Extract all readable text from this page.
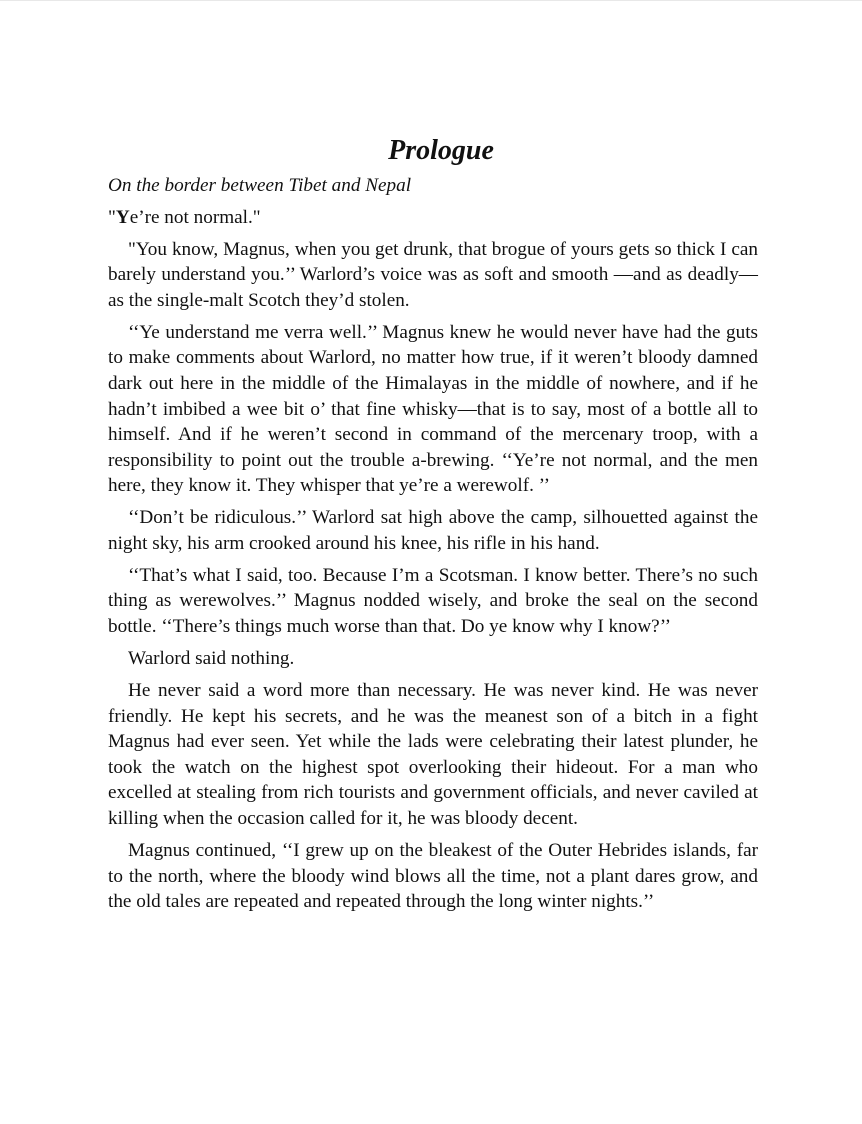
Prologue
On the border between Tibet and Nepal

"Ye’re not normal."

"You know, Magnus, when you get drunk, that brogue of yours gets so thick I can barely understand you.’’ Warlord’s voice was as soft and smooth —and as deadly—as the single-malt Scotch they’d stolen.

‘‘Ye understand me verra well.’’ Magnus knew he would never have had the guts to make comments about Warlord, no matter how true, if it weren’t bloody damned dark out here in the middle of the Himalayas in the middle of nowhere, and if he hadn’t imbibed a wee bit o’ that fine whisky—that is to say, most of a bottle all to himself. And if he weren’t second in command of the mercenary troop, with a responsibility to point out the trouble a-brewing. ‘‘Ye’re not normal, and the men here, they know it. They whisper that ye’re a werewolf. ’’

‘‘Don’t be ridiculous.’’ Warlord sat high above the camp, silhouetted against the night sky, his arm crooked around his knee, his rifle in his hand.

‘‘That’s what I said, too. Because I’m a Scotsman. I know better. There’s no such thing as werewolves.’’ Magnus nodded wisely, and broke the seal on the second bottle. ‘‘There’s things much worse than that. Do ye know why I know?’’

Warlord said nothing.

He never said a word more than necessary. He was never kind. He was never friendly. He kept his secrets, and he was the meanest son of a bitch in a fight Magnus had ever seen. Yet while the lads were celebrating their latest plunder, he took the watch on the highest spot overlooking their hideout. For a man who excelled at stealing from rich tourists and government officials, and never caviled at killing when the occasion called for it, he was bloody decent.

Magnus continued, ‘‘I grew up on the bleakest of the Outer Hebrides islands, far to the north, where the bloody wind blows all the time, not a plant dares grow, and the old tales are repeated and repeated through the long winter nights.’’
